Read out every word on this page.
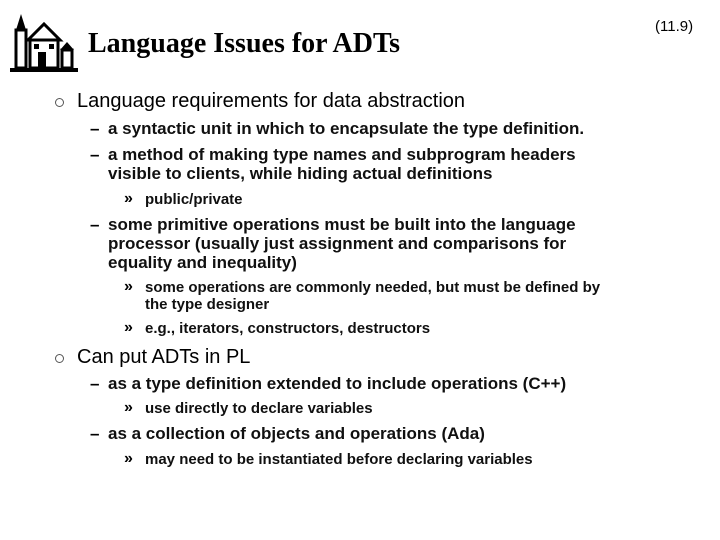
Language Issues for ADTs
(11.9)
Language requirements for data abstraction
– a syntactic unit in which to encapsulate the type definition.
– a method of making type names and subprogram headers
visible to clients, while hiding actual definitions
» public/private
– some primitive operations must be built into the language
processor (usually just assignment and comparisons for
equality and inequality)
» some operations are commonly needed, but must be defined by
the type designer
» e.g., iterators, constructors, destructors
Can put ADTs in PL
– as a type definition extended to include operations (C++)
» use directly to declare variables
– as a collection of objects and operations (Ada)
» may need to be instantiated before declaring variables
